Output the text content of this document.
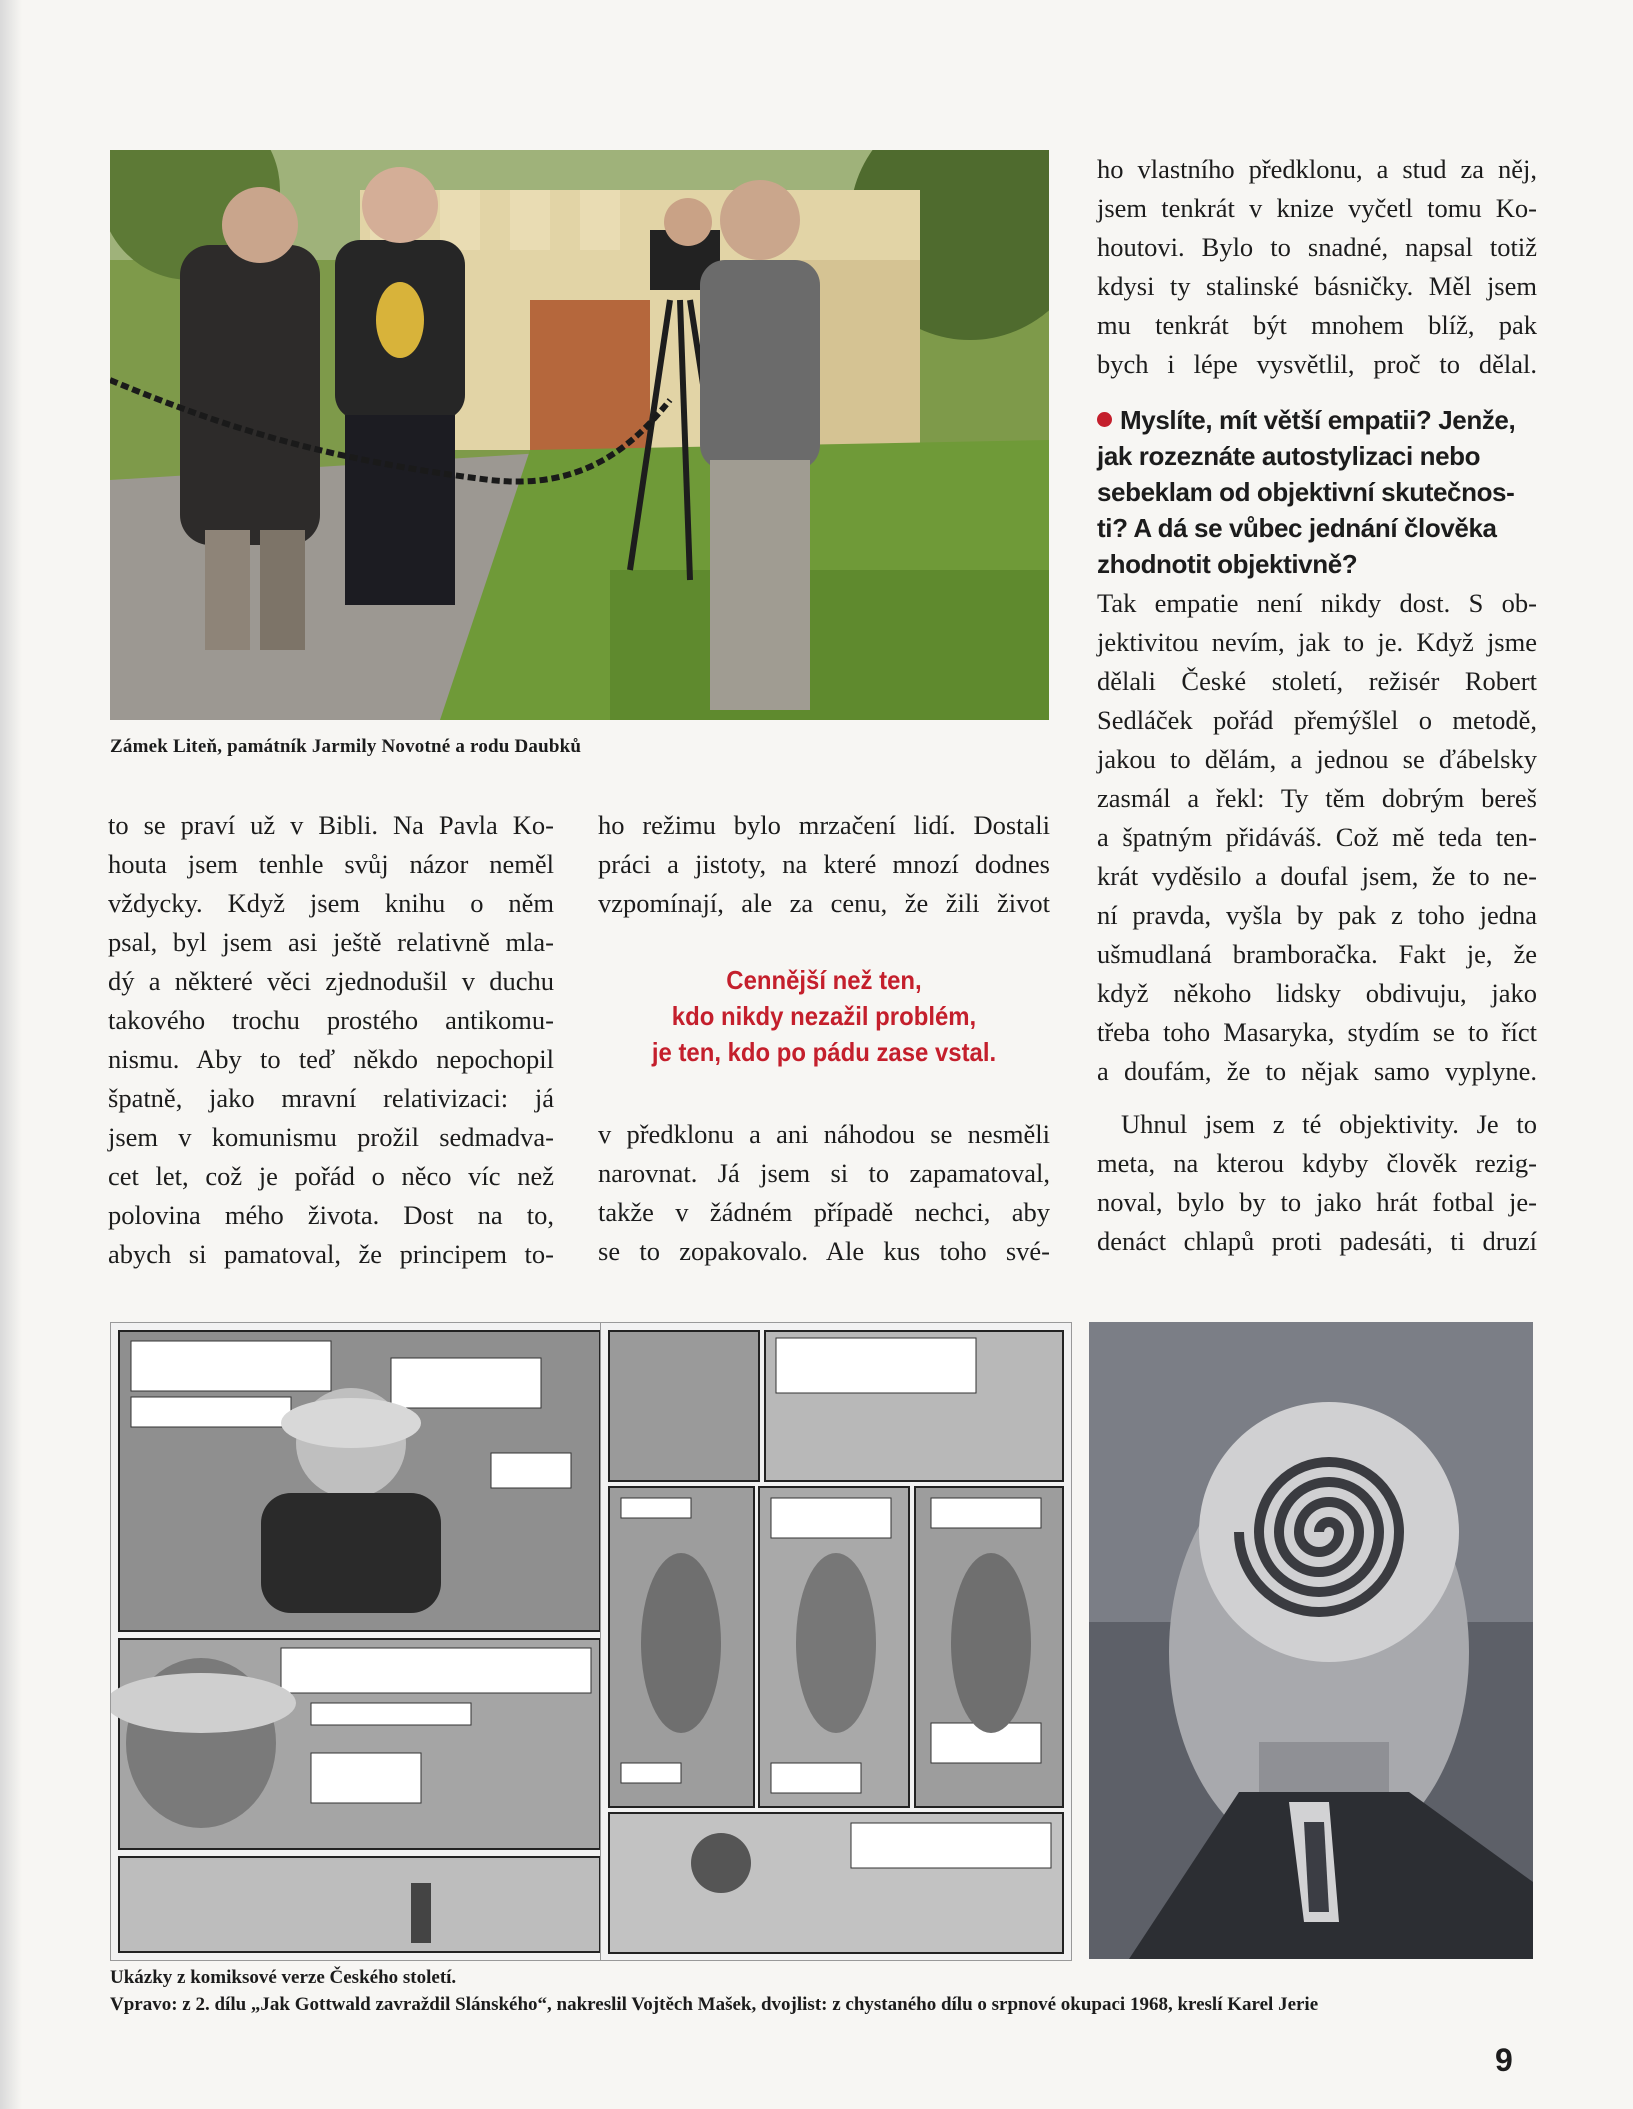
Zámek Liteň, památník Jarmily Novotné a rodu Daubků
to se praví už v Bibli. Na Pavla Ko-
houta jsem tenhle svůj názor neměl
vždycky. Když jsem knihu o něm
psal, byl jsem asi ještě relativně mla-
dý a některé věci zjednodušil v duchu
takového trochu prostého antikomu-
nismu. Aby to teď někdo nepochopil
špatně, jako mravní relativizaci: já
jsem v komunismu prožil sedmadva-
cet let, což je pořád o něco víc než
polovina mého života. Dost na to,
abych si pamatoval, že principem to-
ho režimu bylo mrzačení lidí. Dostali
práci a jistoty, na které mnozí dodnes
vzpomínají, ale za cenu, že žili život
Cennější než ten,
kdo nikdy nezažil problém,
je ten, kdo po pádu zase vstal.
v předklonu a ani náhodou se nesměli
narovnat. Já jsem si to zapamatoval,
takže v žádném případě nechci, aby
se to zopakovalo. Ale kus toho své-
ho vlastního předklonu, a stud za něj,
jsem tenkrát v knize vyčetl tomu Ko-
houtovi. Bylo to snadné, napsal totiž
kdysi ty stalinské básničky. Měl jsem
mu tenkrát být mnohem blíž, pak
bych i lépe vysvětlil, proč to dělal.
Myslíte, mít větší empatii? Jenže,
jak rozeznáte autostylizaci nebo
sebeklam od objektivní skutečnos-
ti? A dá se vůbec jednání člověka
zhodnotit objektivně?
Tak empatie není nikdy dost. S ob-
jektivitou nevím, jak to je. Když jsme
dělali České století, režisér Robert
Sedláček pořád přemýšlel o metodě,
jakou to dělám, a jednou se ďábelsky
zasmál a řekl: Ty těm dobrým bereš
a špatným přidáváš. Což mě teda ten-
krát vyděsilo a doufal jsem, že to ne-
ní pravda, vyšla by pak z toho jedna
ušmudlaná bramboračka. Fakt je, že
když někoho lidsky obdivuju, jako
třeba toho Masaryka, stydím se to říct
a doufám, že to nějak samo vyplyne.
Uhnul jsem z té objektivity. Je to
meta, na kterou kdyby člověk rezig-
noval, bylo by to jako hrát fotbal je-
denáct chlapů proti padesáti, ti druzí
Ukázky z komiksové verze Českého století.
Vpravo: z 2. dílu „Jak Gottwald zavraždil Slánského“, nakreslil Vojtěch Mašek, dvojlist: z chystaného dílu o srpnové okupaci 1968, kreslí Karel Jerie
9
